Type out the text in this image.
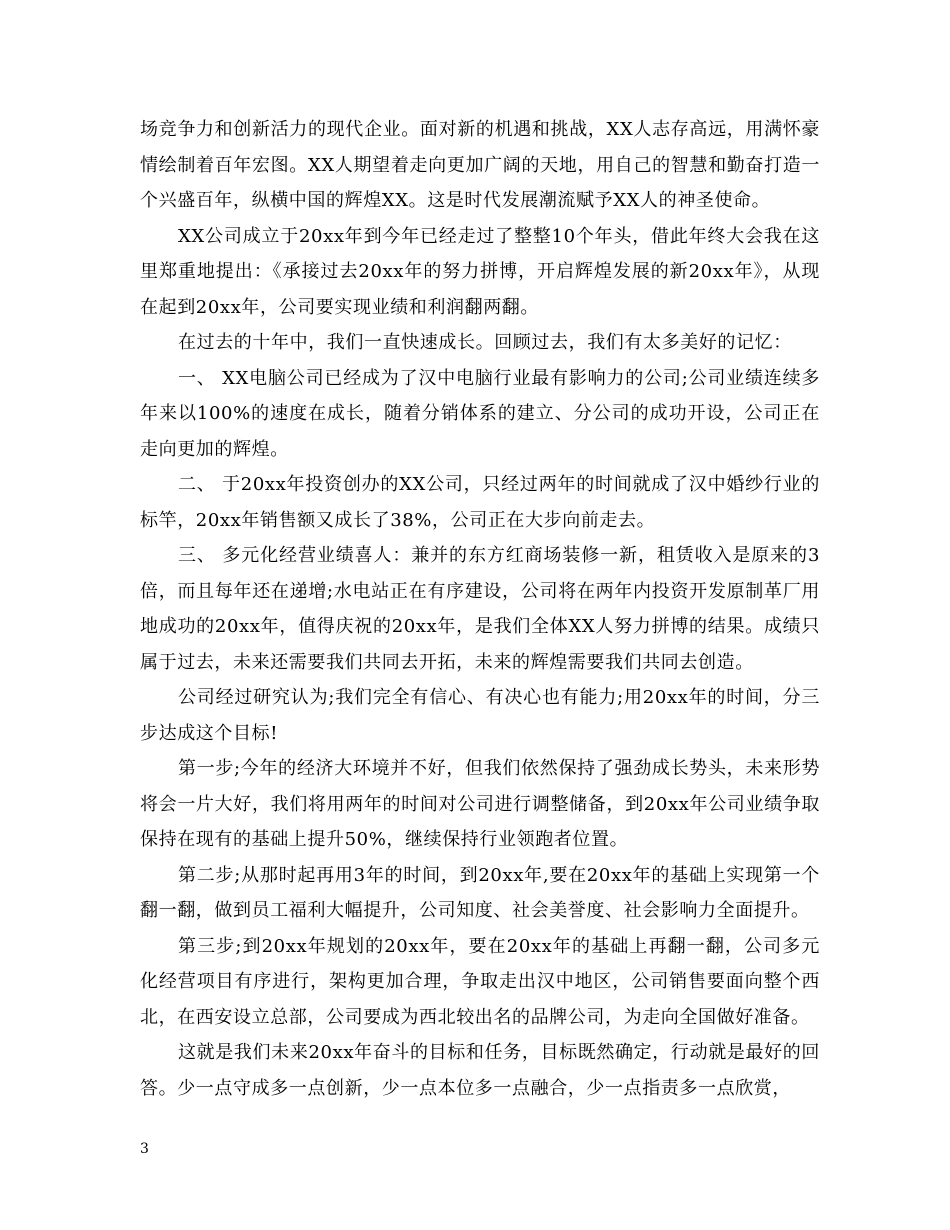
场竞争力和创新活力的现代企业。面对新的机遇和挑战，XX人志存高远，用满怀豪情绘制着百年宏图。XX人期望着走向更加广阔的天地，用自己的智慧和勤奋打造一个兴盛百年，纵横中国的辉煌XX。这是时代发展潮流赋予XX人的神圣使命。

XX公司成立于20xx年到今年已经走过了整整10个年头，借此年终大会我在这里郑重地提出：《承接过去20xx年的努力拼博，开启辉煌发展的新20xx年》，从现在起到20xx年，公司要实现业绩和利润翻两翻。

在过去的十年中，我们一直快速成长。回顾过去，我们有太多美好的记忆：

一、 XX电脑公司已经成为了汉中电脑行业最有影响力的公司;公司业绩连续多年来以100%的速度在成长，随着分销体系的建立、分公司的成功开设，公司正在走向更加的辉煌。

二、 于20xx年投资创办的XX公司，只经过两年的时间就成了汉中婚纱行业的标竿，20xx年销售额又成长了38%，公司正在大步向前走去。

三、 多元化经营业绩喜人：兼并的东方红商场装修一新，租赁收入是原来的3倍，而且每年还在递增;水电站正在有序建设，公司将在两年内投资开发原制革厂用地成功的20xx年，值得庆祝的20xx年，是我们全体XX人努力拼博的结果。成绩只属于过去，未来还需要我们共同去开拓，未来的辉煌需要我们共同去创造。

公司经过研究认为;我们完全有信心、有决心也有能力;用20xx年的时间，分三步达成这个目标!

第一步;今年的经济大环境并不好，但我们依然保持了强劲成长势头，未来形势将会一片大好，我们将用两年的时间对公司进行调整储备，到20xx年公司业绩争取保持在现有的基础上提升50%，继续保持行业领跑者位置。

第二步;从那时起再用3年的时间，到20xx年,要在20xx年的基础上实现第一个翻一翻，做到员工福利大幅提升，公司知度、社会美誉度、社会影响力全面提升。

第三步;到20xx年规划的20xx年，要在20xx年的基础上再翻一翻，公司多元化经营项目有序进行，架构更加合理，争取走出汉中地区，公司销售要面向整个西北，在西安设立总部，公司要成为西北较出名的品牌公司，为走向全国做好准备。

这就是我们未来20xx年奋斗的目标和任务，目标既然确定，行动就是最好的回答。少一点守成多一点创新，少一点本位多一点融合，少一点指责多一点欣赏，

3
